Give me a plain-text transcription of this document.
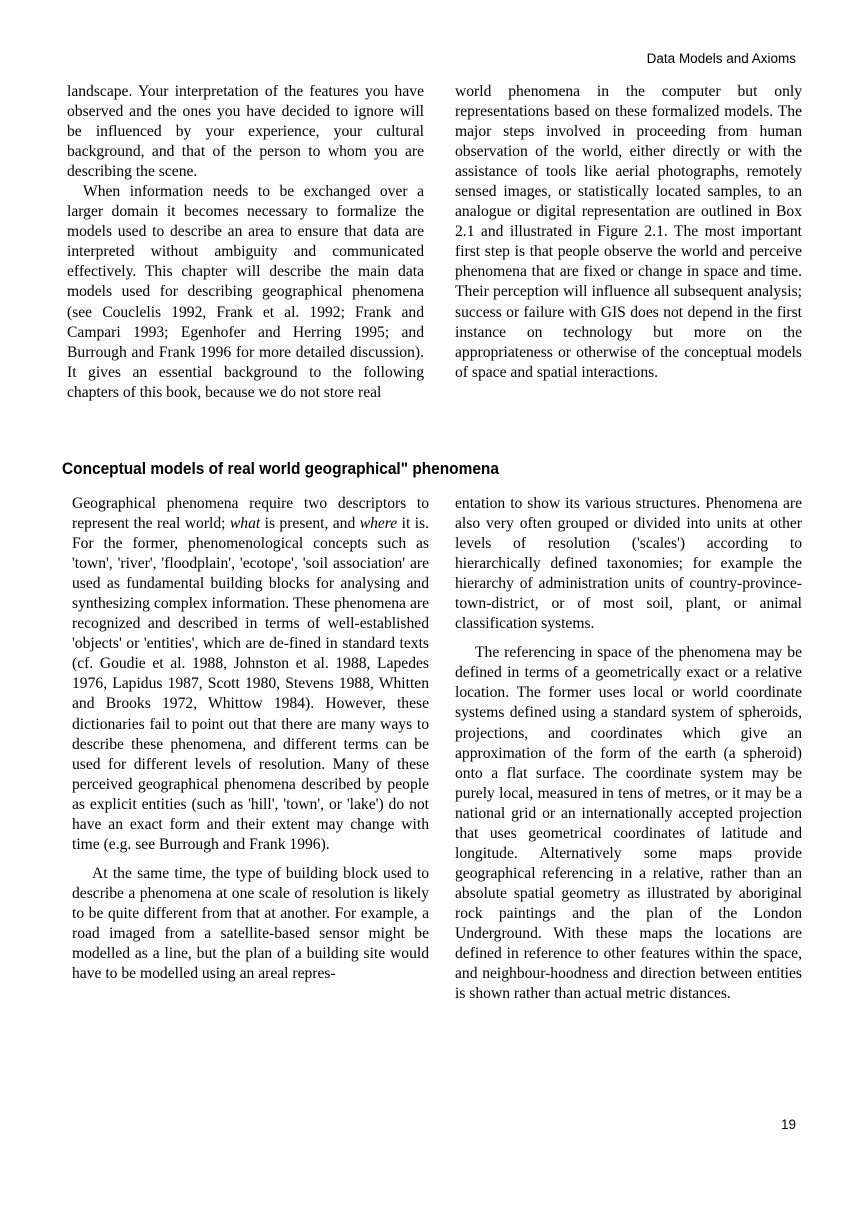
Data Models and Axioms

landscape. Your interpretation of the features you have observed and the ones you have decided to ignore will be influenced by your experience, your cultural background, and that of the person to whom you are describing the scene.

When information needs to be exchanged over a larger domain it becomes necessary to formalize the models used to describe an area to ensure that data are interpreted without ambiguity and communicated effectively. This chapter will describe the main data models used for describing geographical phenomena (see Couclelis 1992, Frank et al. 1992; Frank and Campari 1993; Egenhofer and Herring 1995; and Burrough and Frank 1996 for more detailed discussion). It gives an essential background to the following chapters of this book, because we do not store real

world phenomena in the computer but only representations based on these formalized models. The major steps involved in proceeding from human observation of the world, either directly or with the assistance of tools like aerial photographs, remotely sensed images, or statistically located samples, to an analogue or digital representation are outlined in Box 2.1 and illustrated in Figure 2.1. The most important first step is that people observe the world and perceive phenomena that are fixed or change in space and time. Their perception will influence all subsequent analysis; success or failure with GIS does not depend in the first instance on technology but more on the appropriateness or otherwise of the conceptual models of space and spatial interactions.

Conceptual models of real world geographical" phenomena

Geographical phenomena require two descriptors to represent the real world; what is present, and where it is. For the former, phenomenological concepts such as 'town', 'river', 'floodplain', 'ecotope', 'soil association' are used as fundamental building blocks for analysing and synthesizing complex information. These phenomena are recognized and described in terms of well-established 'objects' or 'entities', which are de-fined in standard texts (cf. Goudie et al. 1988, Johnston et al. 1988, Lapedes 1976, Lapidus 1987, Scott 1980, Stevens 1988, Whitten and Brooks 1972, Whittow 1984). However, these dictionaries fail to point out that there are many ways to describe these phenomena, and different terms can be used for different levels of resolution. Many of these perceived geographical phenomena described by people as explicit entities (such as 'hill', 'town', or 'lake') do not have an exact form and their extent may change with time (e.g. see Burrough and Frank 1996).

At the same time, the type of building block used to describe a phenomena at one scale of resolution is likely to be quite different from that at another. For example, a road imaged from a satellite-based sensor might be modelled as a line, but the plan of a building site would have to be modelled using an areal repres-

entation to show its various structures. Phenomena are also very often grouped or divided into units at other levels of resolution ('scales') according to hierarchically defined taxonomies; for example the hierarchy of administration units of country-province-town-district, or of most soil, plant, or animal classification systems.

The referencing in space of the phenomena may be defined in terms of a geometrically exact or a relative location. The former uses local or world coordinate systems defined using a standard system of spheroids, projections, and coordinates which give an approximation of the form of the earth (a spheroid) onto a flat surface. The coordinate system may be purely local, measured in tens of metres, or it may be a national grid or an internationally accepted projection that uses geometrical coordinates of latitude and longitude. Alternatively some maps provide geographical referencing in a relative, rather than an absolute spatial geometry as illustrated by aboriginal rock paintings and the plan of the London Underground. With these maps the locations are defined in reference to other features within the space, and neighbour-hoodness and direction between entities is shown rather than actual metric distances.

19
